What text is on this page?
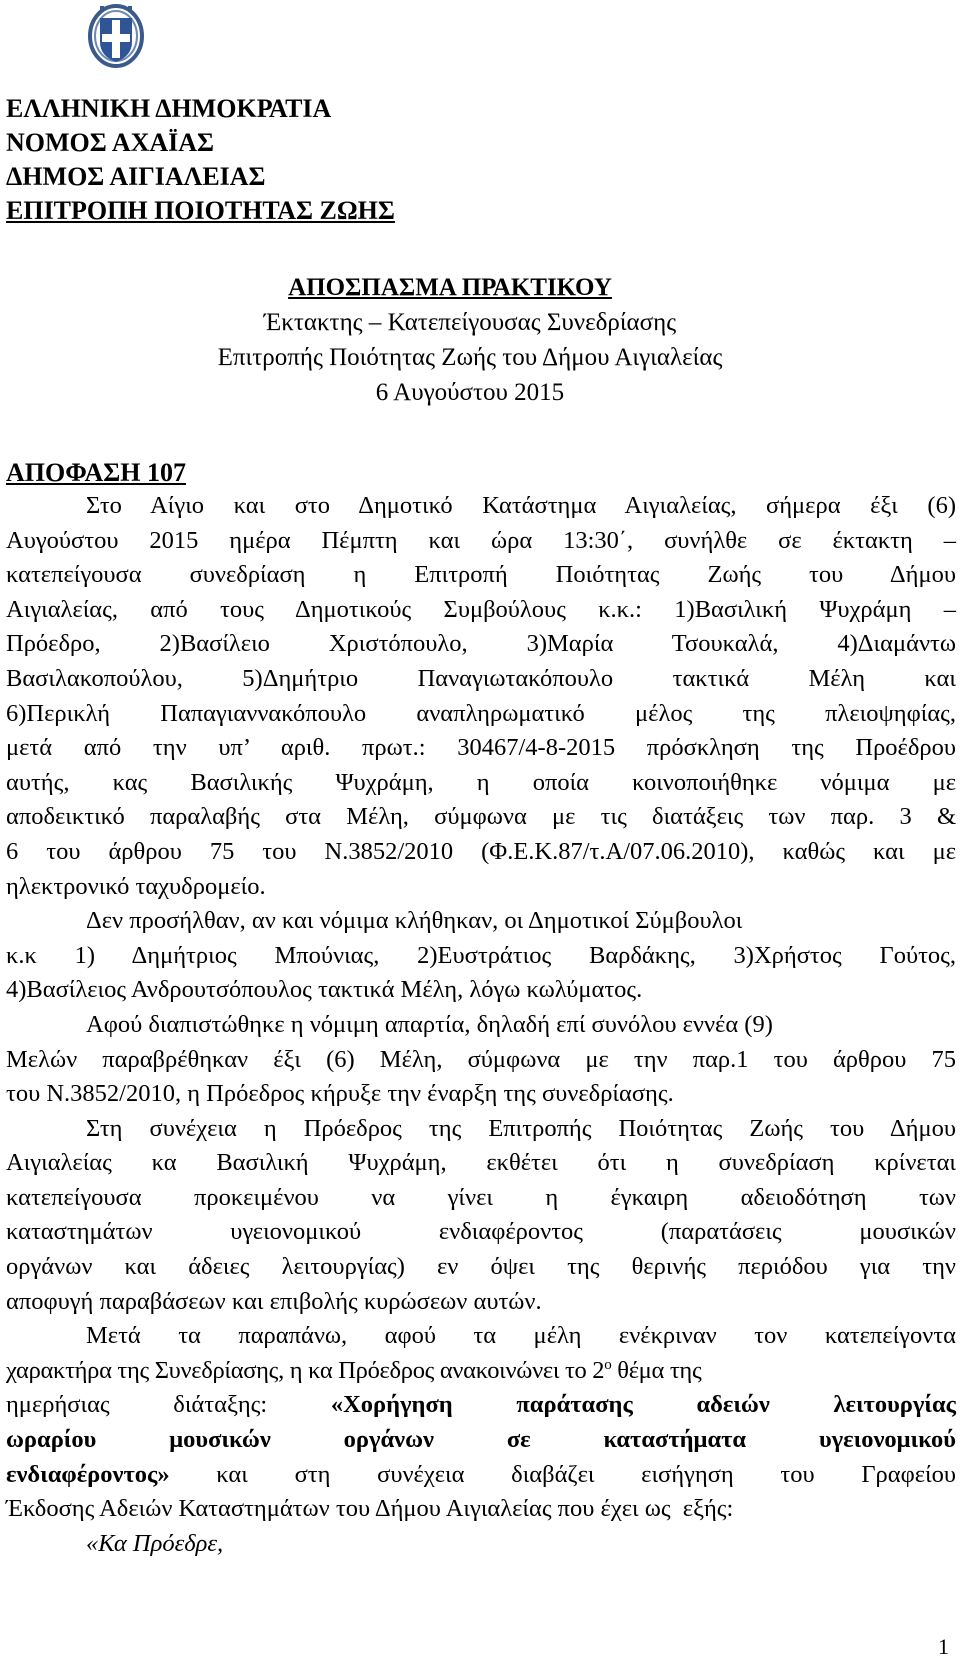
ΕΛΛΗΝΙΚΗ ΔΗΜΟΚΡΑΤΙΑ
ΝΟΜΟΣ ΑΧΑΪΑΣ
ΔΗΜΟΣ ΑΙΓΙΑΛΕΙΑΣ
ΕΠΙΤΡΟΠΗ ΠΟΙΟΤΗΤΑΣ ΖΩΗΣ
ΑΠΟΣΠΑΣΜΑ ΠΡΑΚΤΙΚΟΥ
Έκτακτης – Κατεπείγουσας Συνεδρίασης
Επιτροπής Ποιότητας Ζωής του Δήμου Αιγιαλείας
6 Αυγούστου 2015
ΑΠΟΦΑΣΗ 107
Στο Αίγιο και στο Δημοτικό Κατάστημα Αιγιαλείας, σήμερα έξι (6)
Αυγούστου 2015 ημέρα Πέμπτη και ώρα 13:30΄, συνήλθε σε έκτακτη –
κατεπείγουσα συνεδρίαση η Επιτροπή Ποιότητας Ζωής του Δήμου
Αιγιαλείας, από τους Δημοτικούς Συμβούλους κ.κ.: 1)Βασιλική Ψυχράμη –
Πρόεδρο, 2)Βασίλειο Χριστόπουλο, 3)Μαρία Τσουκαλά, 4)Διαμάντω
Βασιλακοπούλου, 5)Δημήτριο Παναγιωτακόπουλο τακτικά Μέλη και
6)Περικλή Παπαγιαννακόπουλο αναπληρωματικό μέλος της πλειοψηφίας,
μετά από την υπ’ αριθ. πρωτ.: 30467/4-8-2015 πρόσκληση της Προέδρου
αυτής, κας Βασιλικής Ψυχράμη, η οποία κοινοποιήθηκε νόμιμα με
αποδεικτικό παραλαβής στα Μέλη, σύμφωνα με τις διατάξεις των παρ. 3 &
6 του άρθρου 75 του Ν.3852/2010 (Φ.Ε.Κ.87/τ.Α/07.06.2010), καθώς και με
ηλεκτρονικό ταχυδρομείο.
Δεν προσήλθαν, αν και νόμιμα κλήθηκαν, οι Δημοτικοί Σύμβουλοι
κ.κ 1) Δημήτριος Μπούνιας, 2)Ευστράτιος Βαρδάκης, 3)Χρήστος Γούτος,
4)Βασίλειος Ανδρουτσόπουλος τακτικά Μέλη, λόγω κωλύματος.
Αφού διαπιστώθηκε η νόμιμη απαρτία, δηλαδή επί συνόλου εννέα (9)
Μελών παραβρέθηκαν έξι (6) Μέλη, σύμφωνα με την παρ.1 του άρθρου 75
του Ν.3852/2010, η Πρόεδρος κήρυξε την έναρξη της συνεδρίασης.
Στη συνέχεια η Πρόεδρος της Επιτροπής Ποιότητας Ζωής του Δήμου
Αιγιαλείας κα Βασιλική Ψυχράμη, εκθέτει ότι η συνεδρίαση κρίνεται
κατεπείγουσα προκειμένου να γίνει η έγκαιρη αδειοδότηση των
καταστημάτων υγειονομικού ενδιαφέροντος (παρατάσεις μουσικών
οργάνων και άδειες λειτουργίας) εν όψει της θερινής περιόδου για την
αποφυγή παραβάσεων και επιβολής κυρώσεων αυτών.
Μετά τα παραπάνω, αφού τα μέλη ενέκριναν τον κατεπείγοντα
χαρακτήρα της Συνεδρίασης, η κα Πρόεδρος ανακοινώνει το $2^o$ θέμα της
ημερήσιας διάταξης: «Χορήγηση παράτασης αδειών λειτουργίας
ωραρίου μουσικών οργάνων σε καταστήματα υγειονομικού
ενδιαφέροντος» και στη συνέχεια διαβάζει εισήγηση του Γραφείου
Έκδοσης Αδειών Καταστημάτων του Δήμου Αιγιαλείας που έχει ως  εξής:
«Κα Πρόεδρε,
1
